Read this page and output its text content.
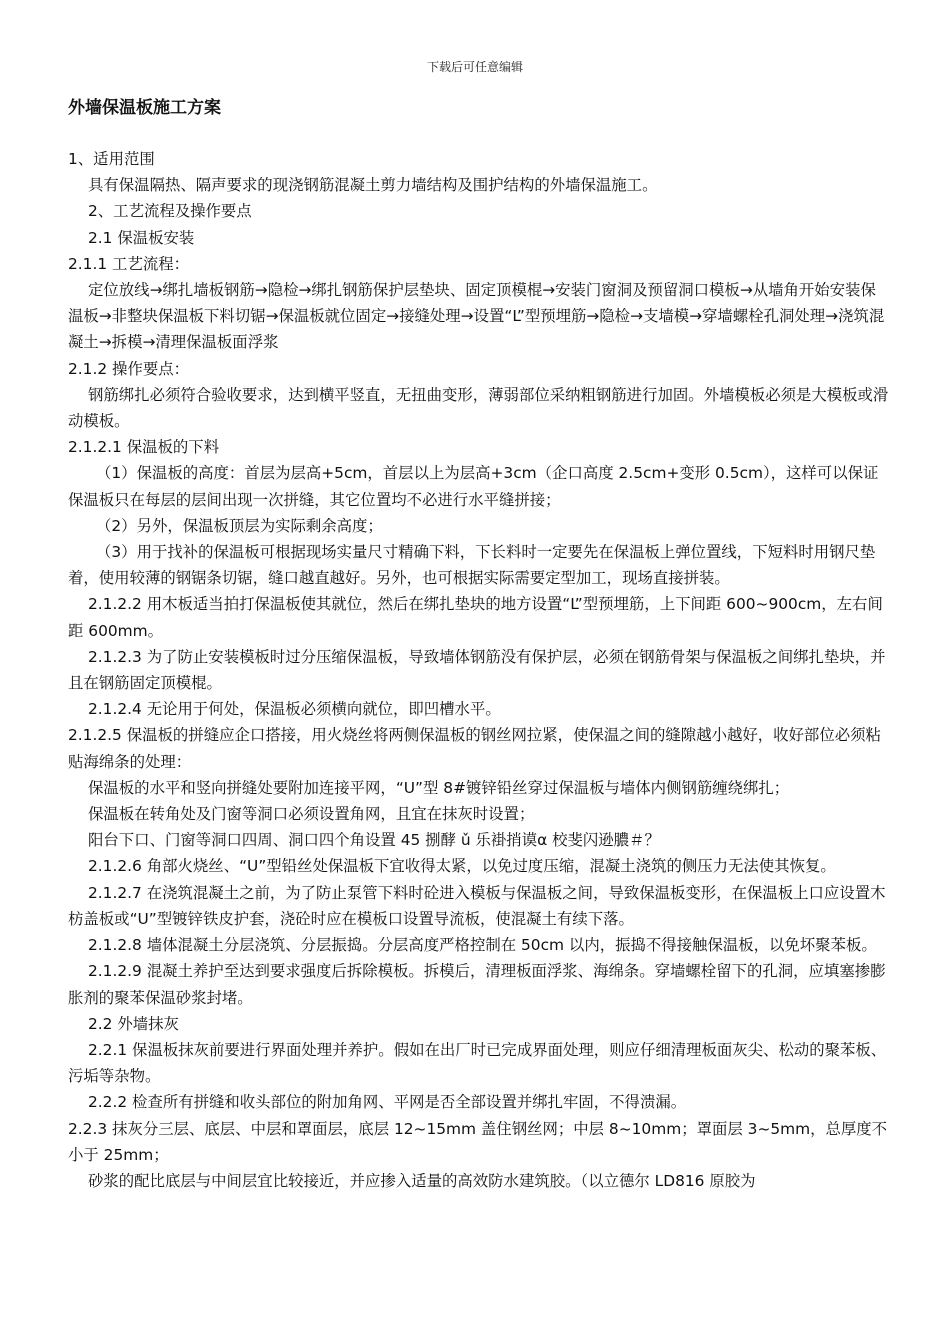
下载后可任意编辑
外墙保温板施工方案

1、适用范围

具有保温隔热、隔声要求的现浇钢筋混凝土剪力墙结构及围护结构的外墙保温施工。

2、工艺流程及操作要点

2.1 保温板安装

2.1.1 工艺流程：

定位放线→绑扎墙板钢筋→隐检→绑扎钢筋保护层垫块、固定顶模棍→安装门窗洞及预留洞口模板→从墙角开始安装保温板→非整块保温板下料切锯→保温板就位固定→接缝处理→设置“L”型预埋筋→隐检→支墙模→穿墙螺栓孔洞处理→浇筑混凝土→拆模→清理保温板面浮浆

2.1.2 操作要点：

钢筋绑扎必须符合验收要求，达到横平竖直，无扭曲变形，薄弱部位采纳粗钢筋进行加固。外墙模板必须是大模板或滑动模板。

2.1.2.1 保温板的下料

（1）保温板的高度：首层为层高+5cm，首层以上为层高+3cm（企口高度 2.5cm+变形 0.5cm），这样可以保证保温板只在每层的层间出现一次拼缝，其它位置均不必进行水平缝拼接；

（2）另外，保温板顶层为实际剩余高度；

（3）用于找补的保温板可根据现场实量尺寸精确下料，下长料时一定要先在保温板上弹位置线，下短料时用钢尺垫着，使用较薄的钢锯条切锯，缝口越直越好。另外，也可根据实际需要定型加工，现场直接拼装。

2.1.2.2 用木板适当拍打保温板使其就位，然后在绑扎垫块的地方设置“L”型预埋筋，上下间距 600~900cm，左右间距 600mm。

2.1.2.3 为了防止安装模板时过分压缩保温板，导致墙体钢筋没有保护层，必须在钢筋骨架与保温板之间绑扎垫块，并且在钢筋固定顶模棍。

2.1.2.4 无论用于何处，保温板必须横向就位，即凹槽水平。

2.1.2.5 保温板的拼缝应企口搭接，用火烧丝将两侧保温板的钢丝网拉紧，使保温之间的缝隙越小越好，收好部位必须粘贴海绵条的处理：

保温板的水平和竖向拼缝处要附加连接平网，“U”型 8#镀锌铅丝穿过保温板与墙体内侧钢筋缠绕绑扎；

保温板在转角处及门窗等洞口必须设置角网，且宜在抹灰时设置；

阳台下口、门窗等洞口四周、洞口四个角设置 45 捌酵 ǔ 乐褂捎谟α 校斐闪逊膿＃？

2.1.2.6 角部火烧丝、“U”型铅丝处保温板下宜收得太紧，以免过度压缩，混凝土浇筑的侧压力无法使其恢复。

2.1.2.7 在浇筑混凝土之前，为了防止泵管下料时砼进入模板与保温板之间，导致保温板变形，在保温板上口应设置木枋盖板或“U”型镀锌铁皮护套，浇砼时应在模板口设置导流板，使混凝土有续下落。

2.1.2.8 墙体混凝土分层浇筑、分层振捣。分层高度严格控制在 50cm 以内，振捣不得接触保温板，以免坏聚苯板。

2.1.2.9 混凝土养护至达到要求强度后拆除模板。拆模后，清理板面浮浆、海绵条。穿墙螺栓留下的孔洞，应填塞掺膨胀剂的聚苯保温砂浆封堵。

2.2 外墙抹灰

2.2.1 保温板抹灰前要进行界面处理并养护。假如在出厂时已完成界面处理，则应仔细清理板面灰尖、松动的聚苯板、污垢等杂物。

2.2.2 检查所有拼缝和收头部位的附加角网、平网是否全部设置并绑扎牢固，不得溃漏。

2.2.3 抹灰分三层、底层、中层和罩面层，底层 12~15mm 盖住钢丝网；中层 8~10mm；罩面层 3~5mm，总厚度不小于 25mm；

砂浆的配比底层与中间层宜比较接近，并应掺入适量的高效防水建筑胶。（以立德尔 LD816 原胶为
